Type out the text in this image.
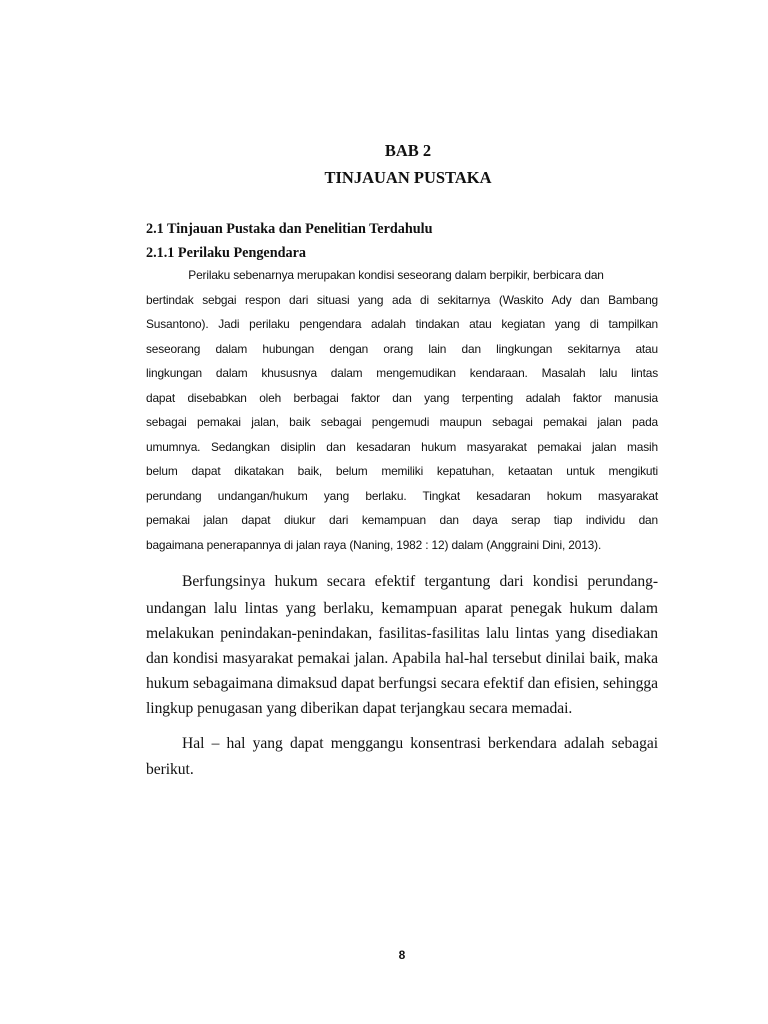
BAB 2
TINJAUAN PUSTAKA
2.1 Tinjauan Pustaka dan Penelitian Terdahulu
2.1.1 Perilaku Pengendara
Perilaku sebenarnya merupakan kondisi seseorang dalam berpikir, berbicara dan
bertindak sebgai respon dari situasi yang ada di sekitarnya (Waskito Ady dan Bambang
Susantono). Jadi perilaku pengendara adalah tindakan atau kegiatan yang di tampilkan
seseorang dalam hubungan dengan orang lain dan lingkungan sekitarnya atau
lingkungan dalam khususnya dalam mengemudikan kendaraan. Masalah lalu lintas
dapat disebabkan oleh berbagai faktor dan yang terpenting adalah faktor manusia
sebagai pemakai jalan, baik sebagai pengemudi maupun sebagai pemakai jalan pada
umumnya. Sedangkan disiplin dan kesadaran hukum masyarakat pemakai jalan masih
belum dapat dikatakan baik, belum memiliki kepatuhan, ketaatan untuk mengikuti
perundang undangan/hukum yang berlaku. Tingkat kesadaran hokum masyarakat
pemakai jalan dapat diukur dari kemampuan dan daya serap tiap individu dan
bagaimana penerapannya di jalan raya (Naning, 1982 : 12) dalam (Anggraini Dini, 2013).
Berfungsinya hukum secara efektif tergantung dari kondisi perundang-
undangan lalu lintas yang berlaku, kemampuan aparat penegak hukum dalam
melakukan penindakan-penindakan, fasilitas-fasilitas lalu lintas yang disediakan
dan kondisi masyarakat pemakai jalan. Apabila hal-hal tersebut dinilai baik, maka
hukum sebagaimana dimaksud dapat berfungsi secara efektif dan efisien, sehingga
lingkup penugasan yang diberikan dapat terjangkau secara memadai.
Hal – hal yang dapat menggangu konsentrasi berkendara adalah sebagai
berikut.
8
